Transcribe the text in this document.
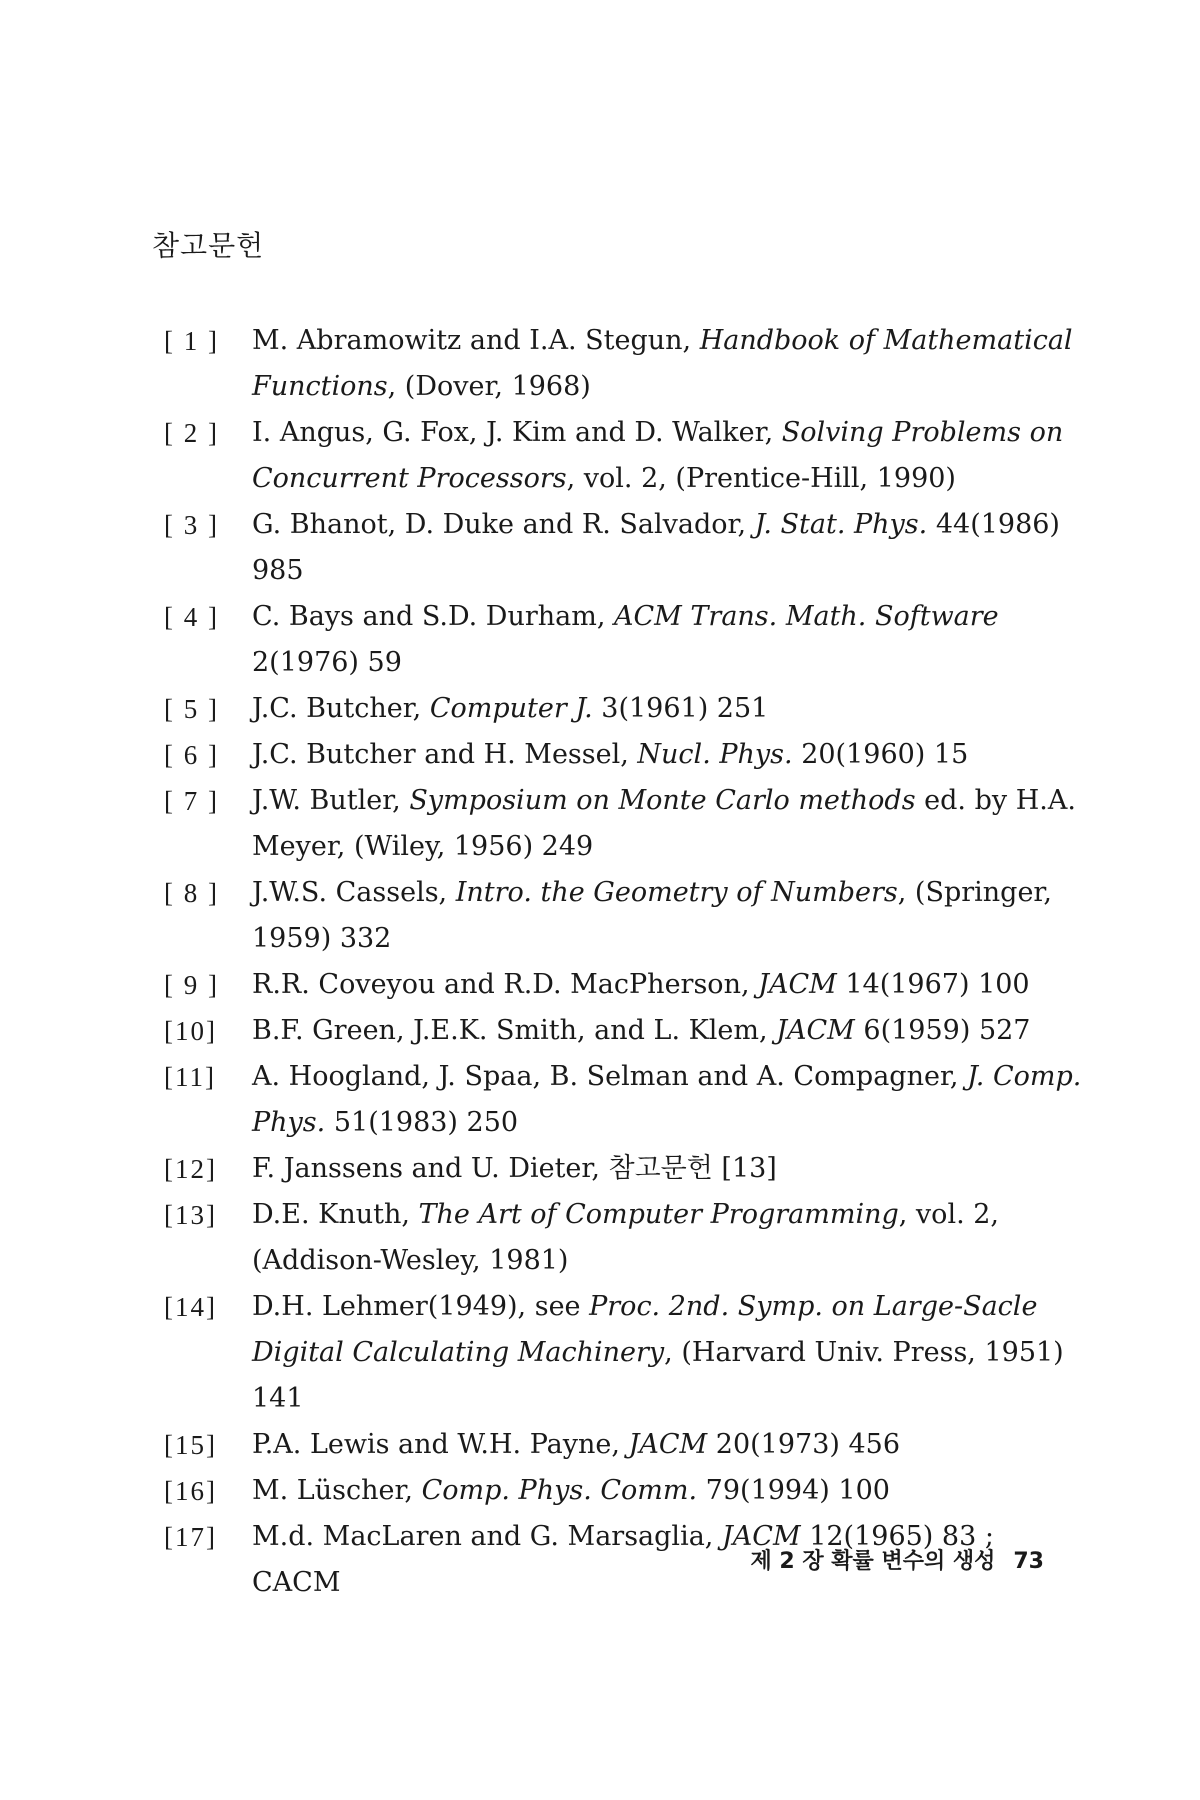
참고문헌
[ 1 ] M. Abramowitz and I.A. Stegun, Handbook of Mathematical Functions, (Dover, 1968)
[ 2 ] I. Angus, G. Fox, J. Kim and D. Walker, Solving Problems on Concurrent Processors, vol. 2, (Prentice-Hill, 1990)
[ 3 ] G. Bhanot, D. Duke and R. Salvador, J. Stat. Phys. 44(1986) 985
[ 4 ] C. Bays and S.D. Durham, ACM Trans. Math. Software 2(1976) 59
[ 5 ] J.C. Butcher, Computer J. 3(1961) 251
[ 6 ] J.C. Butcher and H. Messel, Nucl. Phys. 20(1960) 15
[ 7 ] J.W. Butler, Symposium on Monte Carlo methods ed. by H.A. Meyer, (Wiley, 1956) 249
[ 8 ] J.W.S. Cassels, Intro. the Geometry of Numbers, (Springer, 1959) 332
[ 9 ] R.R. Coveyou and R.D. MacPherson, JACM 14(1967) 100
[10] B.F. Green, J.E.K. Smith, and L. Klem, JACM 6(1959) 527
[11] A. Hoogland, J. Spaa, B. Selman and A. Compagner, J. Comp. Phys. 51(1983) 250
[12] F. Janssens and U. Dieter, 참고문헌 [13]
[13] D.E. Knuth, The Art of Computer Programming, vol. 2, (Addison-Wesley, 1981)
[14] D.H. Lehmer(1949), see Proc. 2nd. Symp. on Large-Sacle Digital Calculating Machinery, (Harvard Univ. Press, 1951) 141
[15] P.A. Lewis and W.H. Payne, JACM 20(1973) 456
[16] M. Lüscher, Comp. Phys. Comm. 79(1994) 100
[17] M.d. MacLaren and G. Marsaglia, JACM 12(1965) 83 ; CACM
제 2 장 확률 변수의 생성 73
